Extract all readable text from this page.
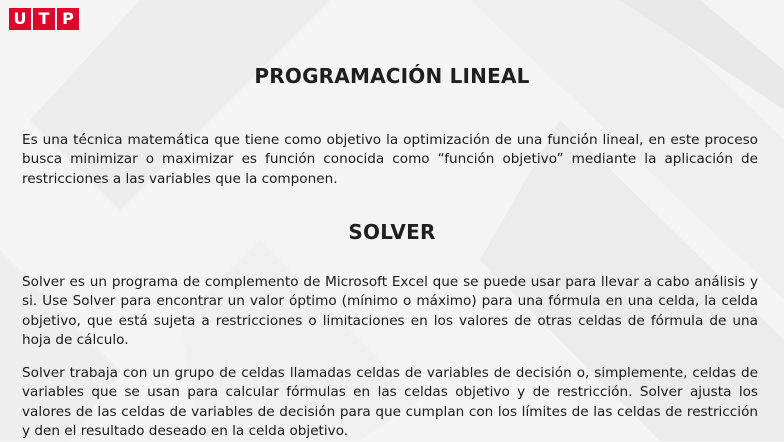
U T P
PROGRAMACIÓN LINEAL

Es una técnica matemática que tiene como objetivo la optimización de una función lineal, en este proceso busca minimizar o maximizar es función conocida como “función objetivo” mediante la aplicación de restricciones a las variables que la componen.

SOLVER

Solver es un programa de complemento de Microsoft Excel que se puede usar para llevar a cabo análisis y si. Use Solver para encontrar un valor óptimo (mínimo o máximo) para una fórmula en una celda, la celda objetivo, que está sujeta a restricciones o limitaciones en los valores de otras celdas de fórmula de una hoja de cálculo.

Solver trabaja con un grupo de celdas llamadas celdas de variables de decisión o, simplemente, celdas de variables que se usan para calcular fórmulas en las celdas objetivo y de restricción. Solver ajusta los valores de las celdas de variables de decisión para que cumplan con los límites de las celdas de restricción y den el resultado deseado en la celda objetivo.
